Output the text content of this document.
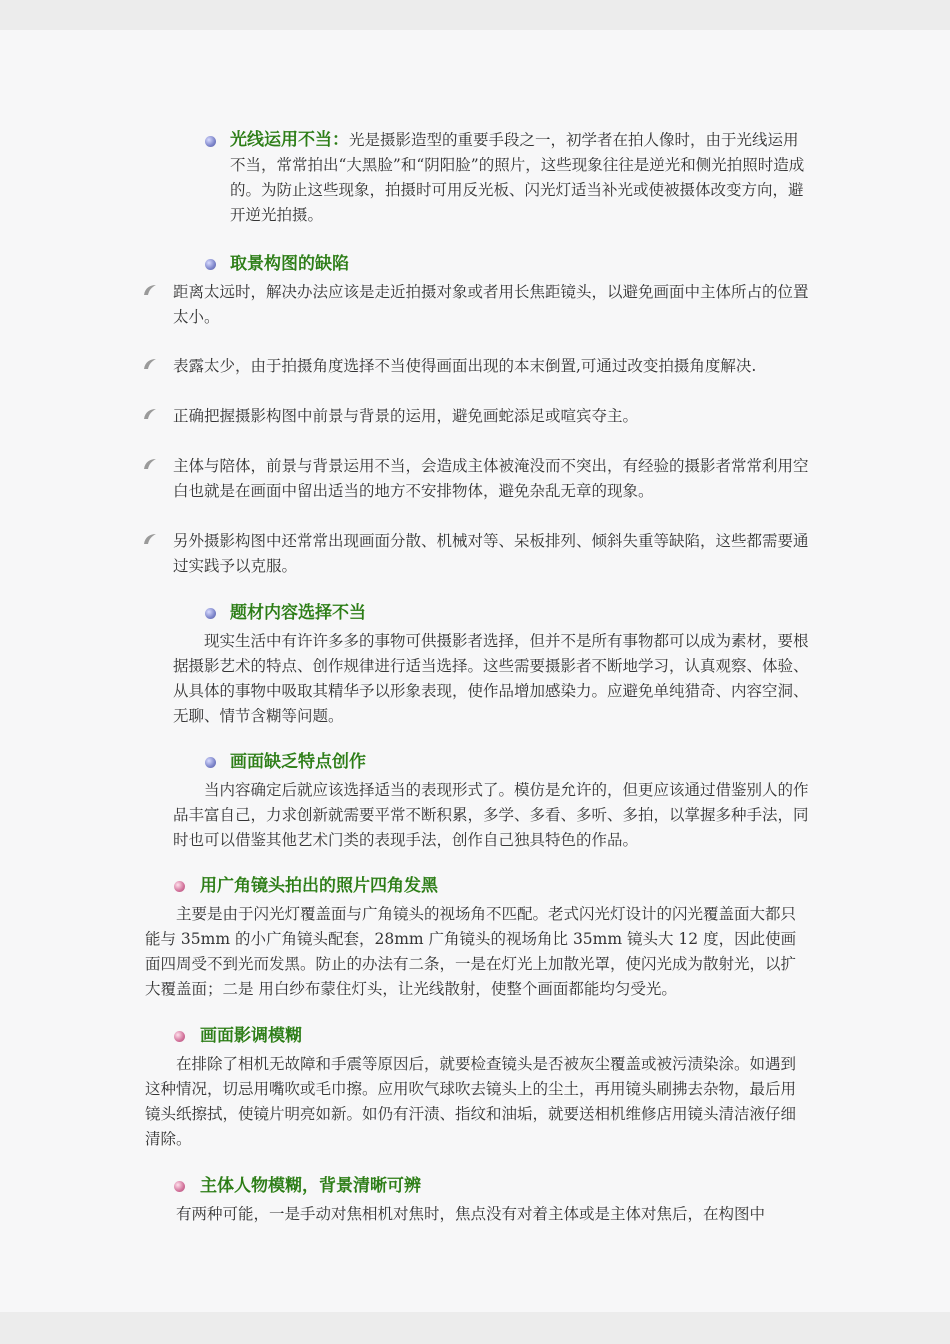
光线运用不当：光是摄影造型的重要手段之一，初学者在拍人像时，由于光线运用不当，常常拍出“大黑脸”和“阴阳脸”的照片，这些现象往往是逆光和侧光拍照时造成的。为防止这些现象，拍摄时可用反光板、闪光灯适当补光或使被摄体改变方向，避开逆光拍摄。
取景构图的缺陷
距离太远时，解决办法应该是走近拍摄对象或者用长焦距镜头，以避免画面中主体所占的位置太小。
表露太少，由于拍摄角度选择不当使得画面出现的本末倒置,可通过改变拍摄角度解决.
正确把握摄影构图中前景与背景的运用，避免画蛇添足或喧宾夺主。
主体与陪体，前景与背景运用不当，会造成主体被淹没而不突出，有经验的摄影者常常利用空白也就是在画面中留出适当的地方不安排物体，避免杂乱无章的现象。
另外摄影构图中还常常出现画面分散、机械对等、呆板排列、倾斜失重等缺陷，这些都需要通过实践予以克服。
题材内容选择不当
现实生活中有许许多多的事物可供摄影者选择，但并不是所有事物都可以成为素材，要根据摄影艺术的特点、创作规律进行适当选择。这些需要摄影者不断地学习，认真观察、体验、从具体的事物中吸取其精华予以形象表现，使作品增加感染力。应避免单纯猎奇、内容空洞、无聊、情节含糊等问题。
画面缺乏特点创作
当内容确定后就应该选择适当的表现形式了。模仿是允许的，但更应该通过借鉴别人的作品丰富自己，力求创新就需要平常不断积累，多学、多看、多听、多拍，以掌握多种手法，同时也可以借鉴其他艺术门类的表现手法，创作自己独具特色的作品。
用广角镜头拍出的照片四角发黑
主要是由于闪光灯覆盖面与广角镜头的视场角不匹配。老式闪光灯设计的闪光覆盖面大都只能与 35mm 的小广角镜头配套，28mm 广角镜头的视场角比 35mm 镜头大 12 度，因此使画面四周受不到光而发黑。防止的办法有二条，一是在灯光上加散光罩，使闪光成为散射光，以扩大覆盖面；二是 用白纱布蒙住灯头，让光线散射，使整个画面都能均匀受光。
画面影调模糊
在排除了相机无故障和手震等原因后，就要检查镜头是否被灰尘覆盖或被污渍染涂。如遇到这种情况，切忌用嘴吹或毛巾擦。应用吹气球吹去镜头上的尘土，再用镜头刷拂去杂物，最后用镜头纸擦拭，使镜片明亮如新。如仍有汗渍、指纹和油垢，就要送相机维修店用镜头清洁液仔细清除。
主体人物模糊，背景清晰可辨
有两种可能，一是手动对焦相机对焦时，焦点没有对着主体或是主体对焦后，在构图中
